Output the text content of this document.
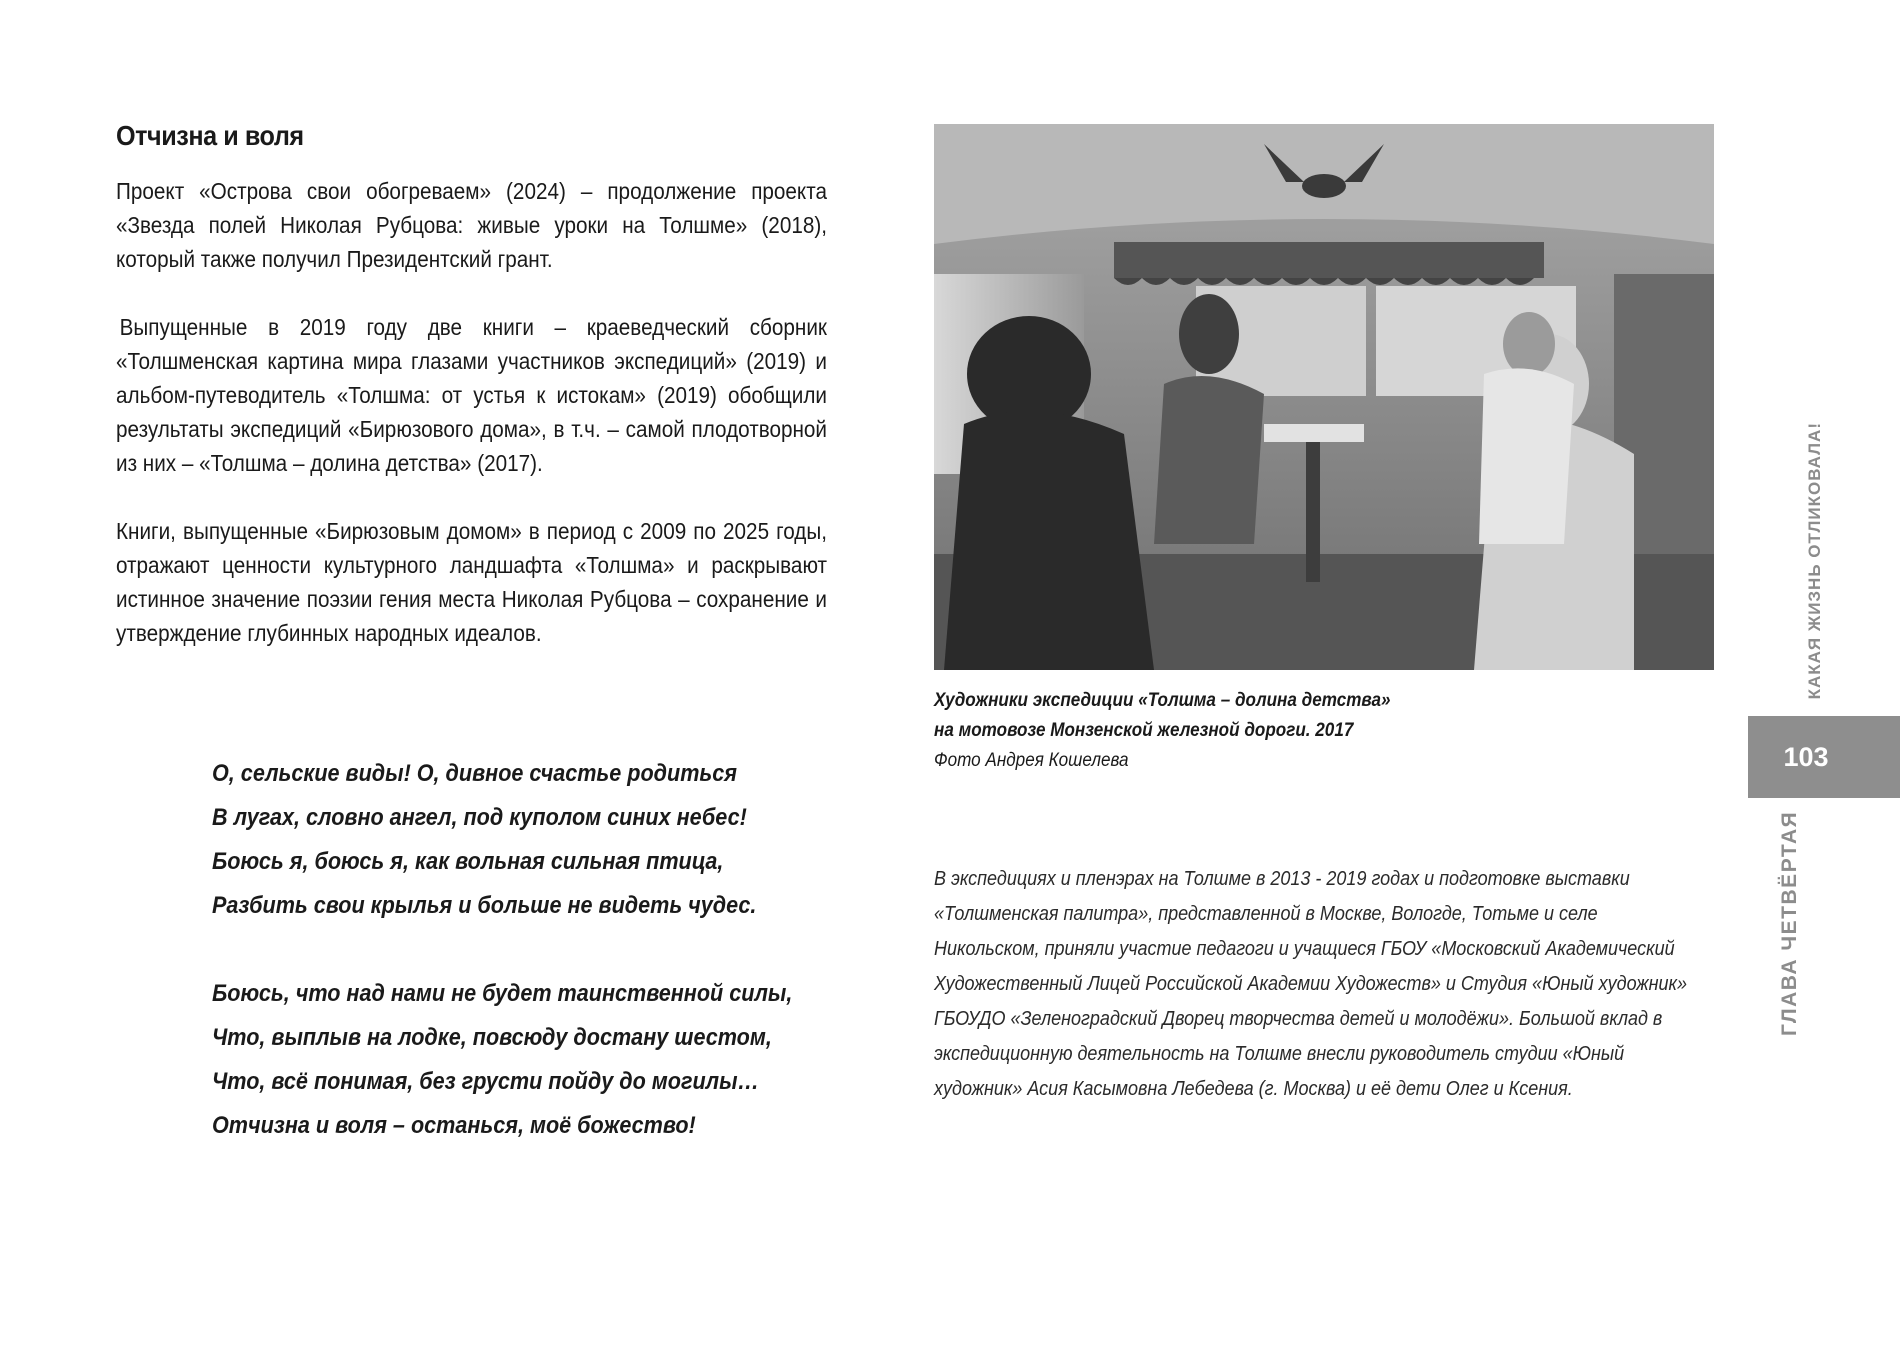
Отчизна и воля

Проект «Острова свои обогреваем» (2024) – продолжение проекта «Звезда полей Николая Рубцова: живые уроки на Толшме» (2018), который также получил Президентский грант.

Выпущенные в 2019 году две книги – краеведческий сборник «Толшменская картина мира глазами участников экспедиций» (2019) и альбом-путеводитель «Толшма: от устья к истокам» (2019) обобщили результаты экспедиций «Бирюзового дома», в т.ч. – самой плодотворной из них – «Толшма – долина детства» (2017).

Книги, выпущенные «Бирюзовым домом» в период с 2009 по 2025 годы, отражают ценности культурного ландшафта «Толшма» и раскрывают истинное значение поэзии гения места Николая Рубцова – сохранение и утверждение глубинных народных идеалов.

О, сельские виды! О, дивное счастье родиться
В лугах, словно ангел, под куполом синих небес!
Боюсь я, боюсь я, как вольная сильная птица,
Разбить свои крылья и больше не видеть чудес.
Боюсь, что над нами не будет таинственной силы,
Что, выплыв на лодке, повсюду достану шестом,
Что, всё понимая, без грусти пойду до могилы…
Отчизна и воля – останься, моё божество!
Художники экспедиции «Толшма – долина детства»
на мотовозе Монзенской железной дороги. 2017
Фото Андрея Кошелева

В экспедициях и пленэрах на Толшме в 2013 - 2019 годах и подготовке выставки «Толшменская палитра», представленной в Москве, Вологде, Тотьме и селе Никольском, приняли участие педагоги и учащиеся ГБОУ «Московский Академический Художественный Лицей Российской Академии Художеств» и Студия «Юный художник» ГБОУДО «Зеленоградский Дворец творчества детей и молодёжи». Большой вклад в экспедиционную деятельность на Толшме внесли руководитель студии «Юный художник» Асия Касымовна Лебедева (г. Москва) и её дети Олег и Ксения.

КАКАЯ ЖИЗНЬ ОТЛИКОВАЛА!
103
ГЛАВА ЧЕТВЁРТАЯ
